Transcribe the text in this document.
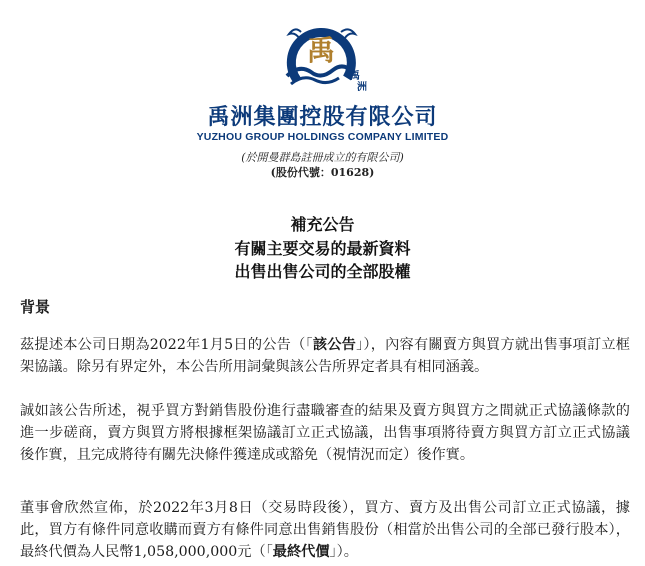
禹
禹
洲
禹洲集團控股有限公司
YUZHOU GROUP HOLDINGS COMPANY LIMITED
(於開曼群島註冊成立的有限公司)
(股份代號：01628)
補充公告
有關主要交易的最新資料
出售出售公司的全部股權
背景
茲提述本公司日期為2022年1月5日的公告（「該公告」），內容有關賣方與買方就出售事項訂立框架協議。除另有界定外，本公告所用詞彙與該公告所界定者具有相同涵義。
誠如該公告所述，視乎買方對銷售股份進行盡職審查的結果及賣方與買方之間就正式協議條款的進一步磋商，賣方與買方將根據框架協議訂立正式協議，出售事項將待賣方與買方訂立正式協議後作實，且完成將待有關先決條件獲達成或豁免（視情況而定）後作實。
董事會欣然宣佈，於2022年3月8日（交易時段後），買方、賣方及出售公司訂立正式協議，據此，買方有條件同意收購而賣方有條件同意出售銷售股份（相當於出售公司的全部已發行股本），最終代價為人民幣1,058,000,000元（「最終代價」）。
